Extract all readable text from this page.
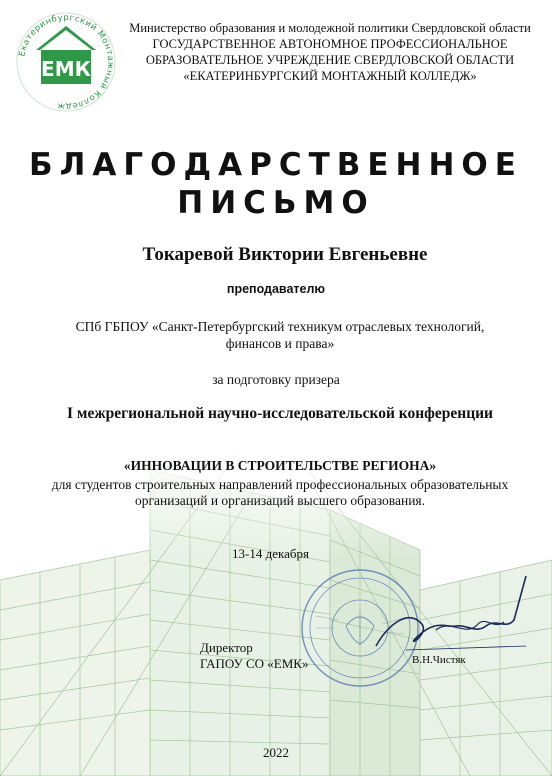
Екатеринбургский Монтажный Колледж
ЕМК
Министерство образования и молодежной политики Свердловской области
ГОСУДАРСТВЕННОЕ АВТОНОМНОЕ ПРОФЕССИОНАЛЬНОЕ
ОБРАЗОВАТЕЛЬНОЕ УЧРЕЖДЕНИЕ СВЕРДЛОВСКОЙ ОБЛАСТИ
«ЕКАТЕРИНБУРГСКИЙ МОНТАЖНЫЙ КОЛЛЕДЖ»
БЛАГОДАРСТВЕННОЕ
ПИСЬМО
Токаревой Виктории Евгеньевне
преподавателю
СПб ГБПОУ «Санкт-Петербургский техникум отраслевых технологий, финансов и права»
за подготовку призера
I межрегиональной научно-исследовательской конференции
«ИННОВАЦИИ В СТРОИТЕЛЬСТВЕ РЕГИОНА»
для студентов строительных направлений профессиональных образовательных организаций и организаций высшего образования.
13-14 декабря
Директор
ГАПОУ СО «ЕМК»	В.Н.Чистяк
2022
